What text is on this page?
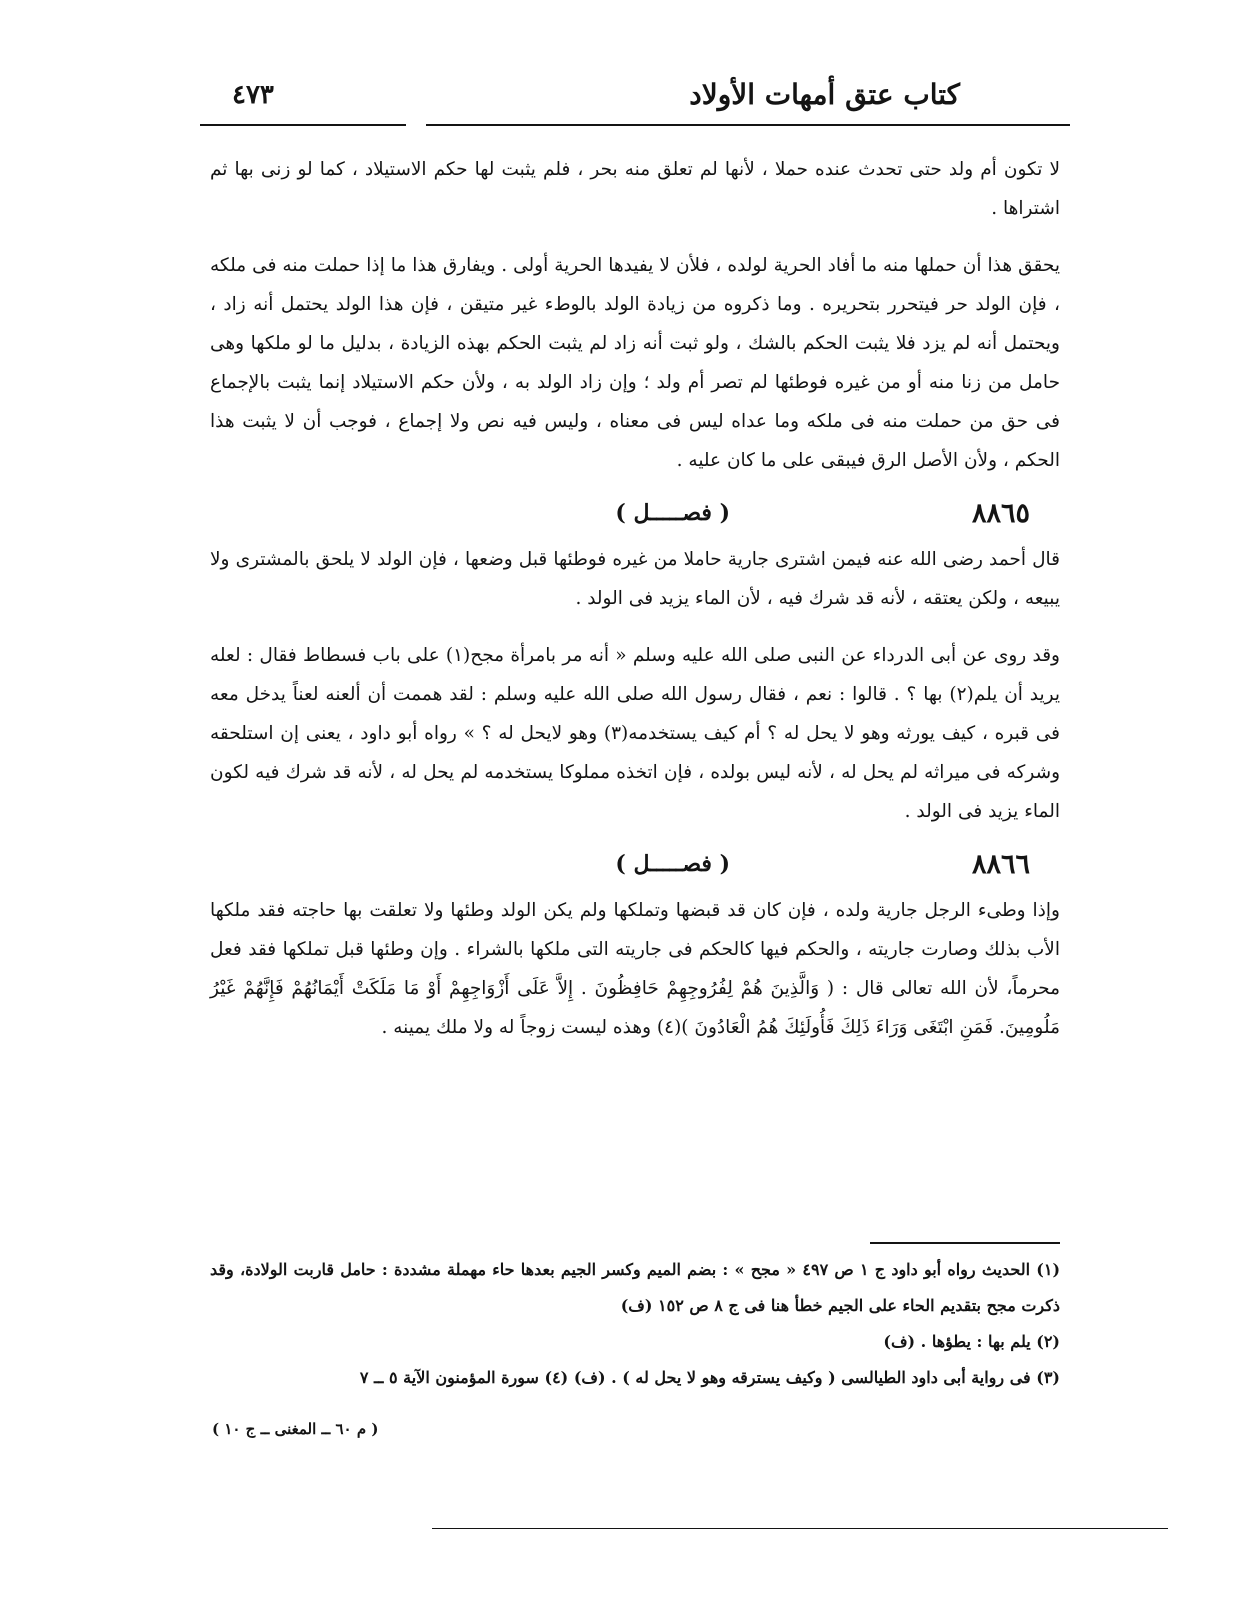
كتاب عتق أمهات الأولاد
٤٧٣

لا تكون أم ولد حتى تحدث عنده حملا ، لأنها لم تعلق منه بحر ، فلم يثبت لها حكم الاستيلاد ، كما لو زنى بها ثم اشتراها .

يحقق هذا أن حملها منه ما أفاد الحرية لولده ، فلأن لا يفيدها الحرية أولى . ويفارق هذا ما إذا حملت منه فى ملكه ، فإن الولد حر فيتحرر بتحريره . وما ذكروه من زيادة الولد بالوطء غير متيقن ، فإن هذا الولد يحتمل أنه زاد ، ويحتمل أنه لم يزد فلا يثبت الحكم بالشك ، ولو ثبت أنه زاد لم يثبت الحكم بهذه الزيادة ، بدليل ما لو ملكها وهى حامل من زنا منه أو من غيره فوطئها لم تصر أم ولد ؛ وإن زاد الولد به ، ولأن حكم الاستيلاد إنما يثبت بالإجماع فى حق من حملت منه فى ملكه وما عداه ليس فى معناه ، وليس فيه نص ولا إجماع ، فوجب أن لا يثبت هذا الحكم ، ولأن الأصل الرق فيبقى على ما كان عليه .

٨٨٦٥
( فصـــــل )

قال أحمد رضى الله عنه فيمن اشترى جارية حاملا من غيره فوطئها قبل وضعها ، فإن الولد لا يلحق بالمشترى ولا يبيعه ، ولكن يعتقه ، لأنه قد شرك فيه ، لأن الماء يزيد فى الولد .

وقد روى عن أبى الدرداء عن النبى صلى الله عليه وسلم « أنه مر بامرأة مجح(١) على باب فسطاط فقال : لعله يريد أن يلم(٢) بها ؟ . قالوا : نعم ، فقال رسول الله صلى الله عليه وسلم : لقد هممت أن ألعنه لعناً يدخل معه فى قبره ، كيف يورثه وهو لا يحل له ؟ أم كيف يستخدمه(٣) وهو لايحل له ؟ » رواه أبو داود ، يعنى إن استلحقه وشركه فى ميراثه لم يحل له ، لأنه ليس بولده ، فإن اتخذه مملوكا يستخدمه لم يحل له ، لأنه قد شرك فيه لكون الماء يزيد فى الولد .

٨٨٦٦
( فصـــــل )

وإذا وطىء الرجل جارية ولده ، فإن كان قد قبضها وتملكها ولم يكن الولد وطئها ولا تعلقت بها حاجته فقد ملكها الأب بذلك وصارت جاريته ، والحكم فيها كالحكم فى جاريته التى ملكها بالشراء . وإن وطئها قبل تملكها فقد فعل محرماً، لأن الله تعالى قال : ( وَالَّذِينَ هُمْ لِفُرُوجِهِمْ حَافِظُونَ . إِلاَّ عَلَى أَزْوَاجِهِمْ أَوْ مَا مَلَكَتْ أَيْمَانُهُمْ فَإِنَّهُمْ غَيْرُ مَلُومِينَ. فَمَنِ ابْتَغَى وَرَاءَ ذَلِكَ فَأُولَئِكَ هُمُ الْعَادُونَ )(٤) وهذه ليست زوجاً له ولا ملك يمينه .

(١) الحديث رواه أبو داود ج ١ ص ٤٩٧ « مجح » : بضم الميم وكسر الجيم بعدها حاء مهملة مشددة : حامل قاربت الولادة، وقد ذكرت مجح بتقديم الحاء على الجيم خطأ هنا فى ج ٨ ص ١٥٢ (ف)

(٢) يلم بها : يطؤها . (ف)

(٣) فى رواية أبى داود الطيالسى ( وكيف يسترقه وهو لا يحل له ) . (ف) (٤) سورة المؤمنون الآية ٥ ــ ٧

( م ٦٠ ــ المغنى ــ ج ١٠ )
